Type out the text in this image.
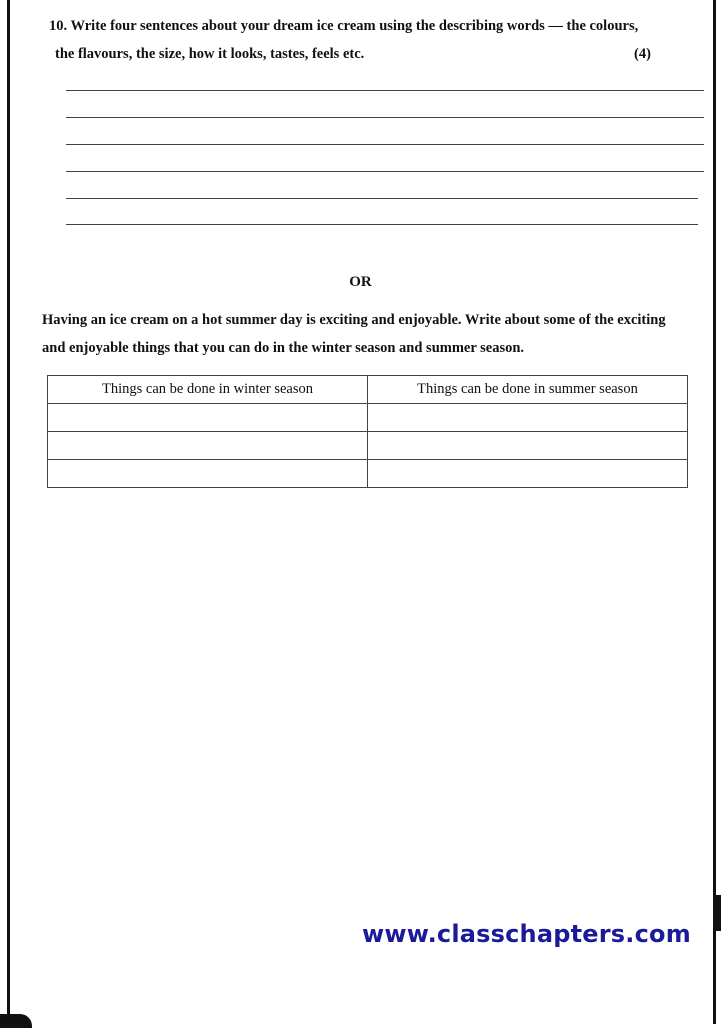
10. Write four sentences about your dream ice cream using the describing words — the colours,
the flavours, the size, how it looks, tastes, feels etc.	(4)
OR
Having an ice cream on a hot summer day is exciting and enjoyable. Write about some of the exciting
and enjoyable things that you can do in the winter season and summer season.
Things can be done in winter season	Things can be done in summer season

www.classchapters.com
